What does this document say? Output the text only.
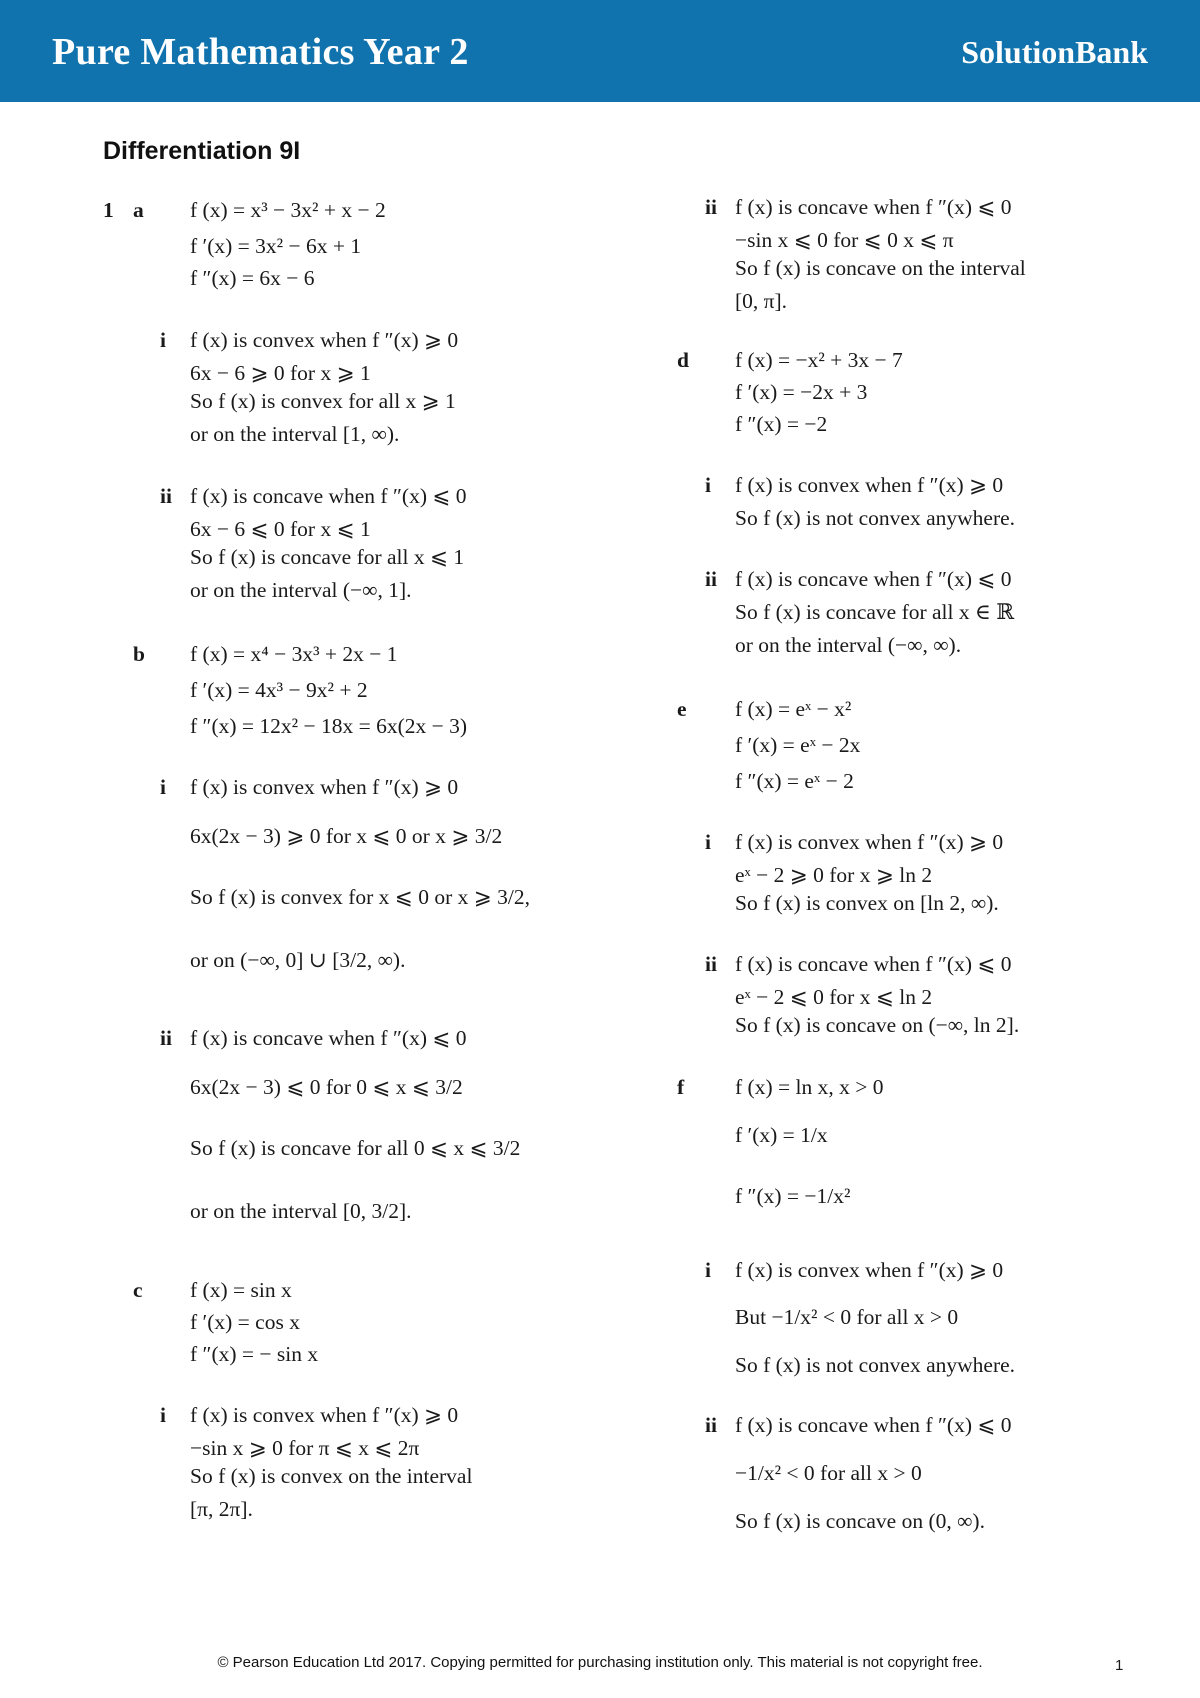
Pure Mathematics Year 2	SolutionBank
Differentiation 9I
1 a f (x) = x³ − 3x² + x − 2
f ′(x) = 3x² − 6x + 1
f ″(x) = 6x − 6
i f (x) is convex when f ″(x) ⩾ 0
6x − 6 ⩾ 0 for x ⩾ 1
So f (x) is convex for all x ⩾ 1
or on the interval [1, ∞).
ii f (x) is concave when f ″(x) ⩽ 0
6x − 6 ⩽ 0 for x ⩽ 1
So f (x) is concave for all x ⩽ 1
or on the interval (−∞, 1].
b f (x) = x⁴ − 3x³ + 2x − 1
f ′(x) = 4x³ − 9x² + 2
f ″(x) = 12x² − 18x = 6x(2x − 3)
i f (x) is convex when f ″(x) ⩾ 0
6x(2x − 3) ⩾ 0 for x ⩽ 0 or x ⩾ 3/2
So f (x) is convex for x ⩽ 0 or x ⩾ 3/2,
or on (−∞, 0] ∪ [3/2, ∞).
ii f (x) is concave when f ″(x) ⩽ 0
6x(2x − 3) ⩽ 0 for 0 ⩽ x ⩽ 3/2
So f (x) is concave for all 0 ⩽ x ⩽ 3/2
or on the interval [0, 3/2].
c f (x) = sin x
f ′(x) = cos x
f ″(x) = − sin x
i f (x) is convex when f ″(x) ⩾ 0
−sin x ⩾ 0 for π ⩽ x ⩽ 2π
So f (x) is convex on the interval
[π, 2π].
ii f (x) is concave when f ″(x) ⩽ 0
−sin x ⩽ 0 for ⩽ 0 x ⩽ π
So f (x) is concave on the interval
[0, π].
d f (x) = −x² + 3x − 7
f ′(x) = −2x + 3
f ″(x) = −2
i f (x) is convex when f ″(x) ⩾ 0
So f (x) is not convex anywhere.
ii f (x) is concave when f ″(x) ⩽ 0
So f (x) is concave for all x ∈ ℝ
or on the interval (−∞, ∞).
e f (x) = eˣ − x²
f ′(x) = eˣ − 2x
f ″(x) = eˣ − 2
i f (x) is convex when f ″(x) ⩾ 0
eˣ − 2 ⩾ 0 for x ⩾ ln 2
So f (x) is convex on [ln 2, ∞).
ii f (x) is concave when f ″(x) ⩽ 0
eˣ − 2 ⩽ 0 for x ⩽ ln 2
So f (x) is concave on (−∞, ln 2].
f f (x) = ln x, x > 0
f ′(x) = 1/x
f ″(x) = −1/x²
i f (x) is convex when f ″(x) ⩾ 0
But −1/x² < 0 for all x > 0
So f (x) is not convex anywhere.
ii f (x) is concave when f ″(x) ⩽ 0
−1/x² < 0 for all x > 0
So f (x) is concave on (0, ∞).
© Pearson Education Ltd 2017. Copying permitted for purchasing institution only. This material is not copyright free.	1
